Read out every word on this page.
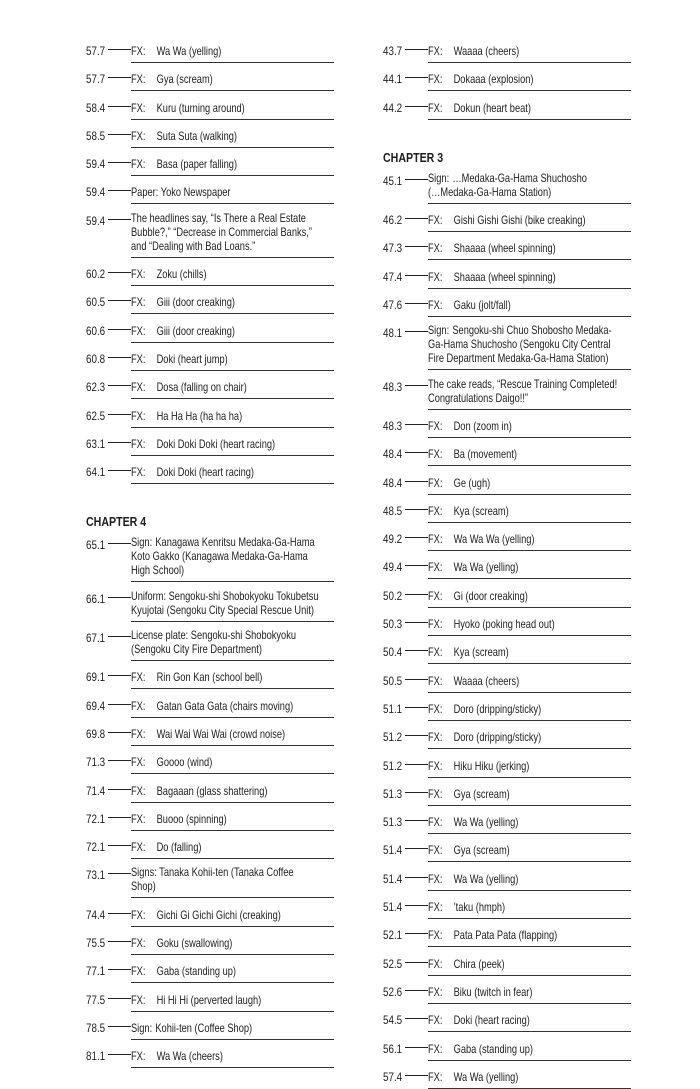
57.7	FX: Wa Wa (yelling)
57.7	FX: Gya (scream)
58.4	FX: Kuru (turning around)
58.5	FX: Suta Suta (walking)
59.4	FX: Basa (paper falling)
59.4	Paper: Yoko Newspaper
59.4	The headlines say, “Is There a Real Estate
Bubble?,” “Decrease in Commercial Banks,”
and “Dealing with Bad Loans.”
60.2	FX: Zoku (chills)
60.5	FX: Giii (door creaking)
60.6	FX: Giii (door creaking)
60.8	FX: Doki (heart jump)
62.3	FX: Dosa (falling on chair)
62.5	FX: Ha Ha Ha (ha ha ha)
63.1	FX: Doki Doki Doki (heart racing)
64.1	FX: Doki Doki (heart racing)
CHAPTER 4
65.1	Sign: Kanagawa Kenritsu Medaka-Ga-Hama
Koto Gakko (Kanagawa Medaka-Ga-Hama
High School)
66.1	Uniform: Sengoku-shi Shobokyoku Tokubetsu
Kyujotai (Sengoku City Special Rescue Unit)
67.1	License plate: Sengoku-shi Shobokyoku
(Sengoku City Fire Department)
69.1	FX: Rin Gon Kan (school bell)
69.4	FX: Gatan Gata Gata (chairs moving)
69.8	FX: Wai Wai Wai Wai (crowd noise)
71.3	FX: Goooo (wind)
71.4	FX: Bagaaan (glass shattering)
72.1	FX: Buooo (spinning)
72.1	FX: Do (falling)
73.1	Signs: Tanaka Kohii-ten (Tanaka Coffee
Shop)
74.4	FX: Gichi Gi Gichi Gichi (creaking)
75.5	FX: Goku (swallowing)
77.1	FX: Gaba (standing up)
77.5	FX: Hi Hi Hi (perverted laugh)
78.5	Sign: Kohii-ten (Coffee Shop)
81.1	FX: Wa Wa (cheers)
43.7	FX: Waaaa (cheers)
44.1	FX: Dokaaa (explosion)
44.2	FX: Dokun (heart beat)
CHAPTER 3
45.1	Sign: …Medaka-Ga-Hama Shuchosho
(…Medaka-Ga-Hama Station)
46.2	FX: Gishi Gishi Gishi (bike creaking)
47.3	FX: Shaaaa (wheel spinning)
47.4	FX: Shaaaa (wheel spinning)
47.6	FX: Gaku (jolt/fall)
48.1	Sign: Sengoku-shi Chuo Shobosho Medaka-
Ga-Hama Shuchosho (Sengoku City Central
Fire Department Medaka-Ga-Hama Station)
48.3	The cake reads, “Rescue Training Completed!
Congratulations Daigo!!”
48.3	FX: Don (zoom in)
48.4	FX: Ba (movement)
48.4	FX: Ge (ugh)
48.5	FX: Kya (scream)
49.2	FX: Wa Wa Wa (yelling)
49.4	FX: Wa Wa (yelling)
50.2	FX: Gi (door creaking)
50.3	FX: Hyoko (poking head out)
50.4	FX: Kya (scream)
50.5	FX: Waaaa (cheers)
51.1	FX: Doro (dripping/sticky)
51.2	FX: Doro (dripping/sticky)
51.2	FX: Hiku Hiku (jerking)
51.3	FX: Gya (scream)
51.3	FX: Wa Wa (yelling)
51.4	FX: Gya (scream)
51.4	FX: Wa Wa (yelling)
51.4	FX: ’taku (hmph)
52.1	FX: Pata Pata Pata (flapping)
52.5	FX: Chira (peek)
52.6	FX: Biku (twitch in fear)
54.5	FX: Doki (heart racing)
56.1	FX: Gaba (standing up)
57.4	FX: Wa Wa (yelling)
